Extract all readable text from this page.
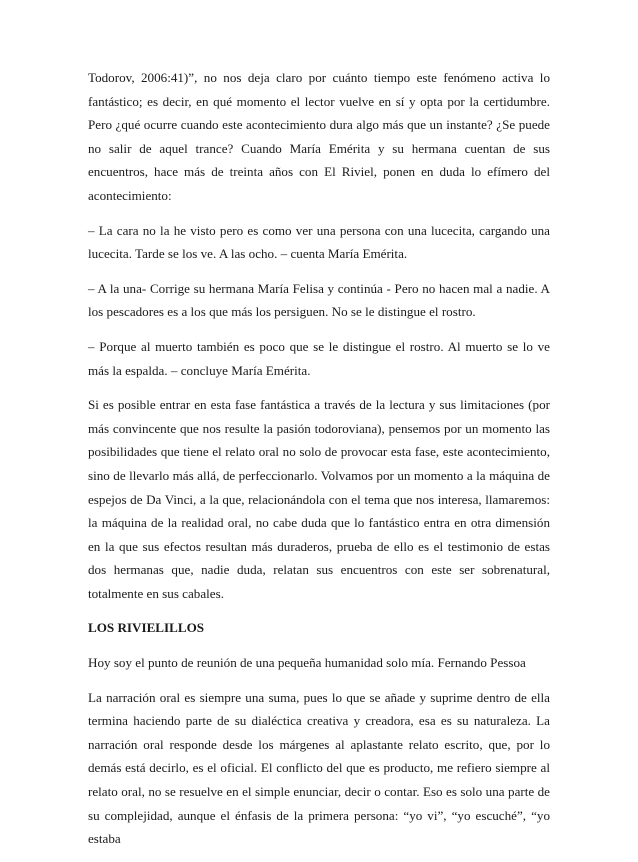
Todorov, 2006:41)”, no nos deja claro por cuánto tiempo este fenómeno activa lo fantástico; es decir, en qué momento el lector vuelve en sí y opta por la certidumbre. Pero ¿qué ocurre cuando este acontecimiento dura algo más que un instante? ¿Se puede no salir de aquel trance? Cuando María Emérita y su hermana cuentan de sus encuentros, hace más de treinta años con El Riviel, ponen en duda lo efímero del acontecimiento:

– La cara no la he visto pero es como ver una persona con una lucecita, cargando una lucecita. Tarde se los ve. A las ocho. – cuenta María Emérita.

– A la una- Corrige su hermana María Felisa y continúa - Pero no hacen mal a nadie. A los pescadores es a los que más los persiguen. No se le distingue el rostro.

– Porque al muerto también es poco que se le distingue el rostro. Al muerto se lo ve más la espalda. – concluye María Emérita.

Si es posible entrar en esta fase fantástica a través de la lectura y sus limitaciones (por más convincente que nos resulte la pasión todoroviana), pensemos por un momento las posibilidades que tiene el relato oral no solo de provocar esta fase, este acontecimiento, sino de llevarlo más allá, de perfeccionarlo. Volvamos por un momento a la máquina de espejos de Da Vinci, a la que, relacionándola con el tema que nos interesa, llamaremos: la máquina de la realidad oral, no cabe duda que lo fantástico entra en otra dimensión en la que sus efectos resultan más duraderos, prueba de ello es el testimonio de estas dos hermanas que, nadie duda, relatan sus encuentros con este ser sobrenatural, totalmente en sus cabales.

LOS RIVIELILLOS

Hoy soy el punto de reunión de una pequeña humanidad solo mía. Fernando Pessoa

La narración oral es siempre una suma, pues lo que se añade y suprime dentro de ella termina haciendo parte de su dialéctica creativa y creadora, esa es su naturaleza. La narración oral responde desde los márgenes al aplastante relato escrito, que, por lo demás está decirlo, es el oficial. El conflicto del que es producto, me refiero siempre al relato oral, no se resuelve en el simple enunciar, decir o contar. Eso es solo una parte de su complejidad, aunque el énfasis de la primera persona: “yo vi”, “yo escuché”, “yo estaba
